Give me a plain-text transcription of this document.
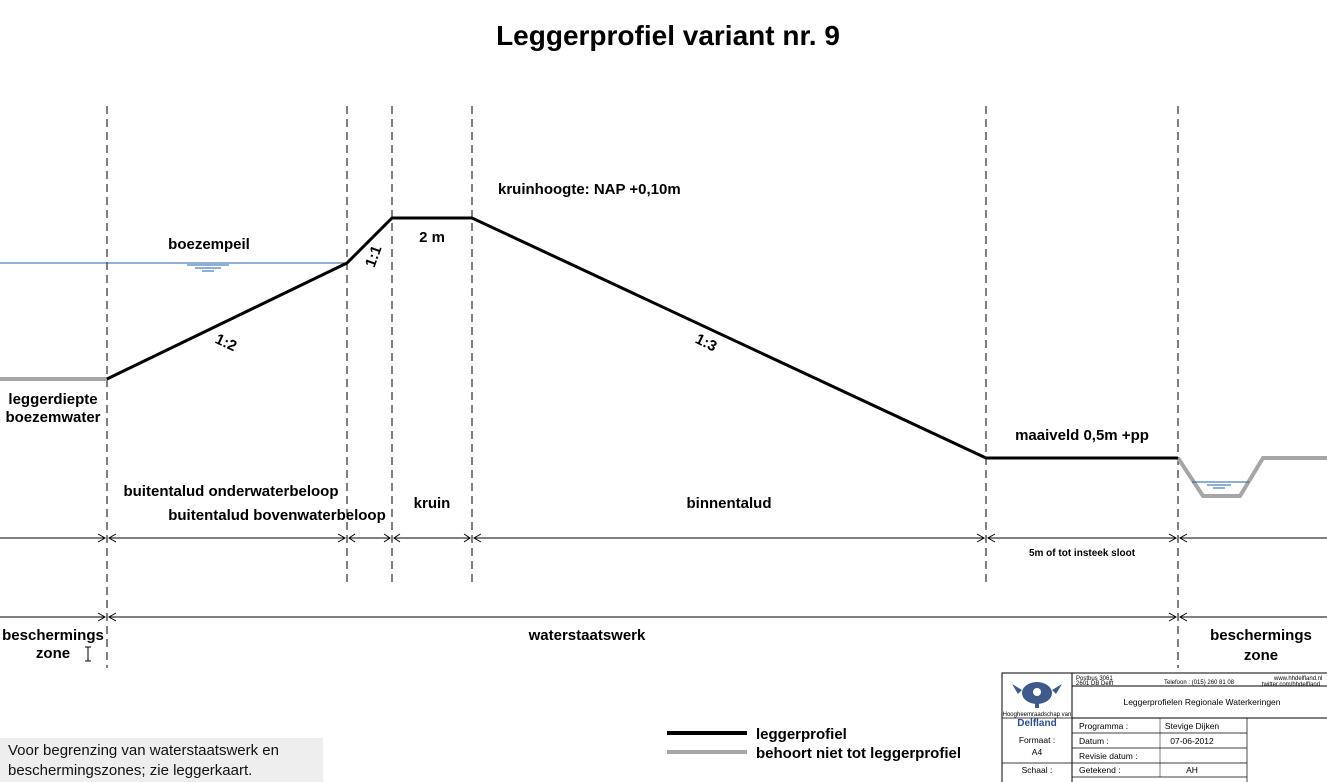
Leggerprofiel variant nr. 9
kruinhoogte: NAP +0,10m
boezempeil	2 m
1:1
1:2	1:3
leggerdiepte
boezemwater
maaiveld 0,5m +pp
buitentalud onderwaterbeloop
buitentalud bovenwaterbeloop
kruin	binnentalud
5m of tot insteek sloot
beschermings
zone
waterstaatswerk	beschermings
zone
leggerprofiel
behoort niet tot leggerprofiel
Delfland
Hoogheemraadschap van
Formaat :
A4
Schaal :
Postbus 3061
2601 DB Delft	Telefoon : (015) 260 81 08
www.hhdelfland.nl
twitter.com/hhdelfland
Leggerprofielen Regionale Waterkeringen
Programma :	Stevige Dijken
Datum :	07-06-2012
Revisie datum :
Getekend :	AH
Voor begrenzing van waterstaatswerk en beschermingszones; zie leggerkaart.
